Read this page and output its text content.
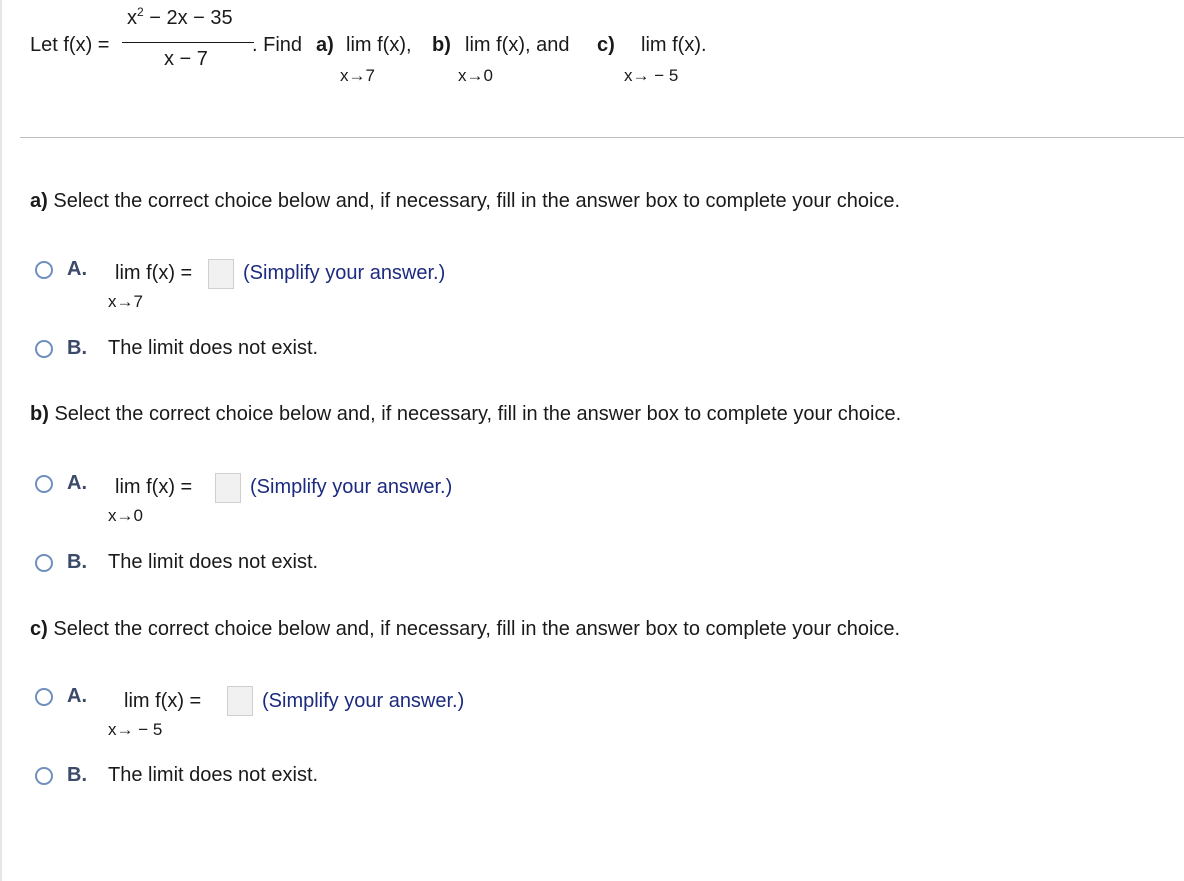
Let f(x) =
$x^2 - 2x - 35$
x − 7
. Find a) lim f(x),
x→7
b) lim f(x), and
x→0
c) lim f(x).
x→ − 5
a) Select the correct choice below and, if necessary, fill in the answer box to complete your choice.
A. lim f(x) =
x→7
(Simplify your answer.)
B. The limit does not exist.
b) Select the correct choice below and, if necessary, fill in the answer box to complete your choice.
A. lim f(x) =
x→0
(Simplify your answer.)
B. The limit does not exist.
c) Select the correct choice below and, if necessary, fill in the answer box to complete your choice.
A. lim f(x) =
x→ − 5
(Simplify your answer.)
B. The limit does not exist.
